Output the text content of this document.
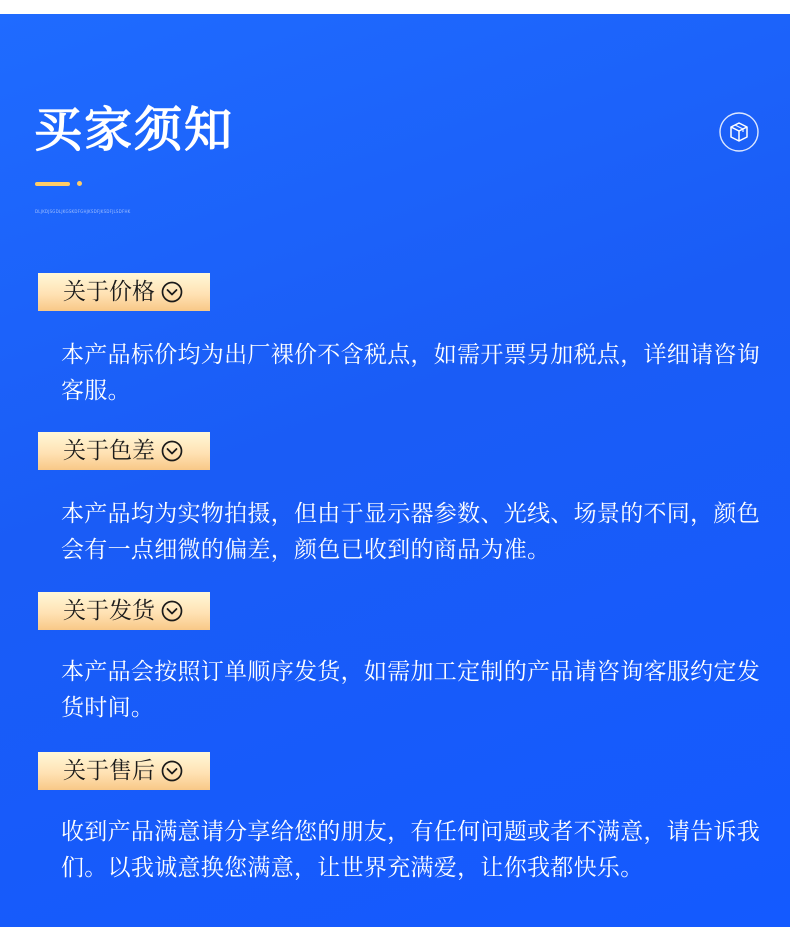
买家须知
DLJKDJSGDLJKGSKDFGHJKSDFJKSDFJLSDFHK
关于价格
本产品标价均为出厂裸价不含税点，如需开票另加税点，详细请咨询客服。
关于色差
本产品均为实物拍摄，但由于显示器参数、光线、场景的不同，颜色会有一点细微的偏差，颜色已收到的商品为准。
关于发货
本产品会按照订单顺序发货，如需加工定制的产品请咨询客服约定发货时间。
关于售后
收到产品满意请分享给您的朋友，有任何问题或者不满意，请告诉我们。以我诚意换您满意，让世界充满爱，让你我都快乐。
